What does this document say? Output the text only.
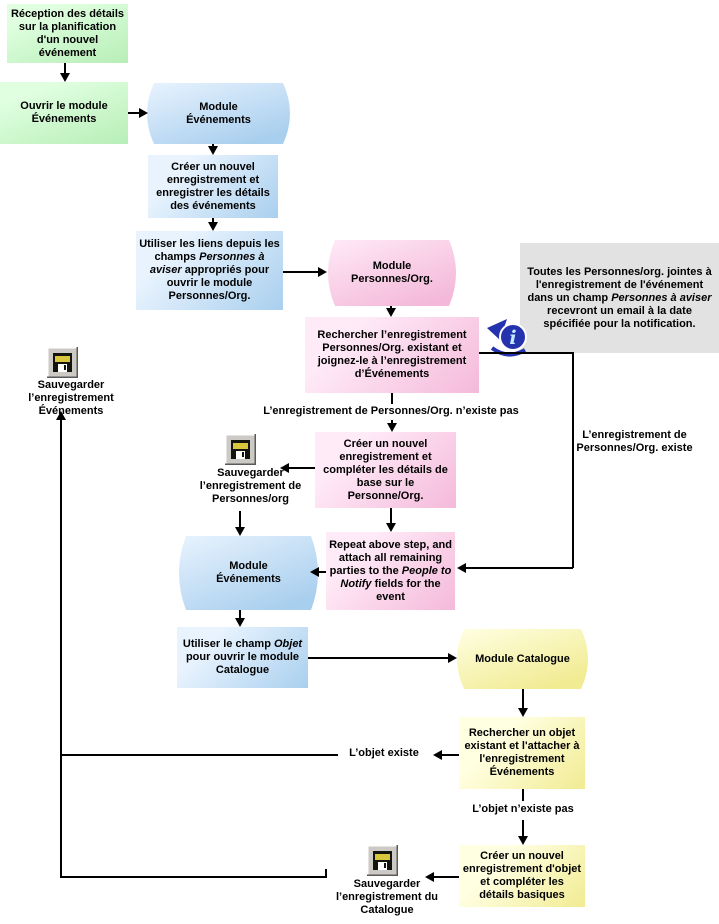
Réception des détails sur la planification d'un nouvel événement
Ouvrir le module Événements
Module Événements
Créer un nouvel enregistrement et enregistrer les détails des événements
Utiliser les liens depuis les champs Personnes à aviser appropriés pour ouvrir le module Personnes/Org.
Module Personnes/Org.
Toutes les Personnes/org. jointes à l'enregistrement de l'événement dans un champ Personnes à aviser recevront un email à la date spécifiée pour la notification.
i
Rechercher l’enregistrement Personnes/Org. existant et joignez-le à l’enregistrement d’Événements
L’enregistrement de Personnes/Org. n’existe pas
Sauvegarder l’enregistrement Événements
Créer un nouvel enregistrement et compléter les détails de base sur le Personne/Org.
Sauvegarder l’enregistrement de Personnes/org
L’enregistrement de Personnes/Org. existe
Module Événements
Repeat above step, and attach all remaining parties to the People to Notify fields for the event
Utiliser le champ Objet pour ouvrir le module Catalogue
Module Catalogue
Rechercher un objet existant et l'attacher à l'enregistrement Événements
L’objet existe
L’objet n’existe pas
Créer un nouvel enregistrement d'objet et compléter les détails basiques
Sauvegarder l’enregistrement du Catalogue
